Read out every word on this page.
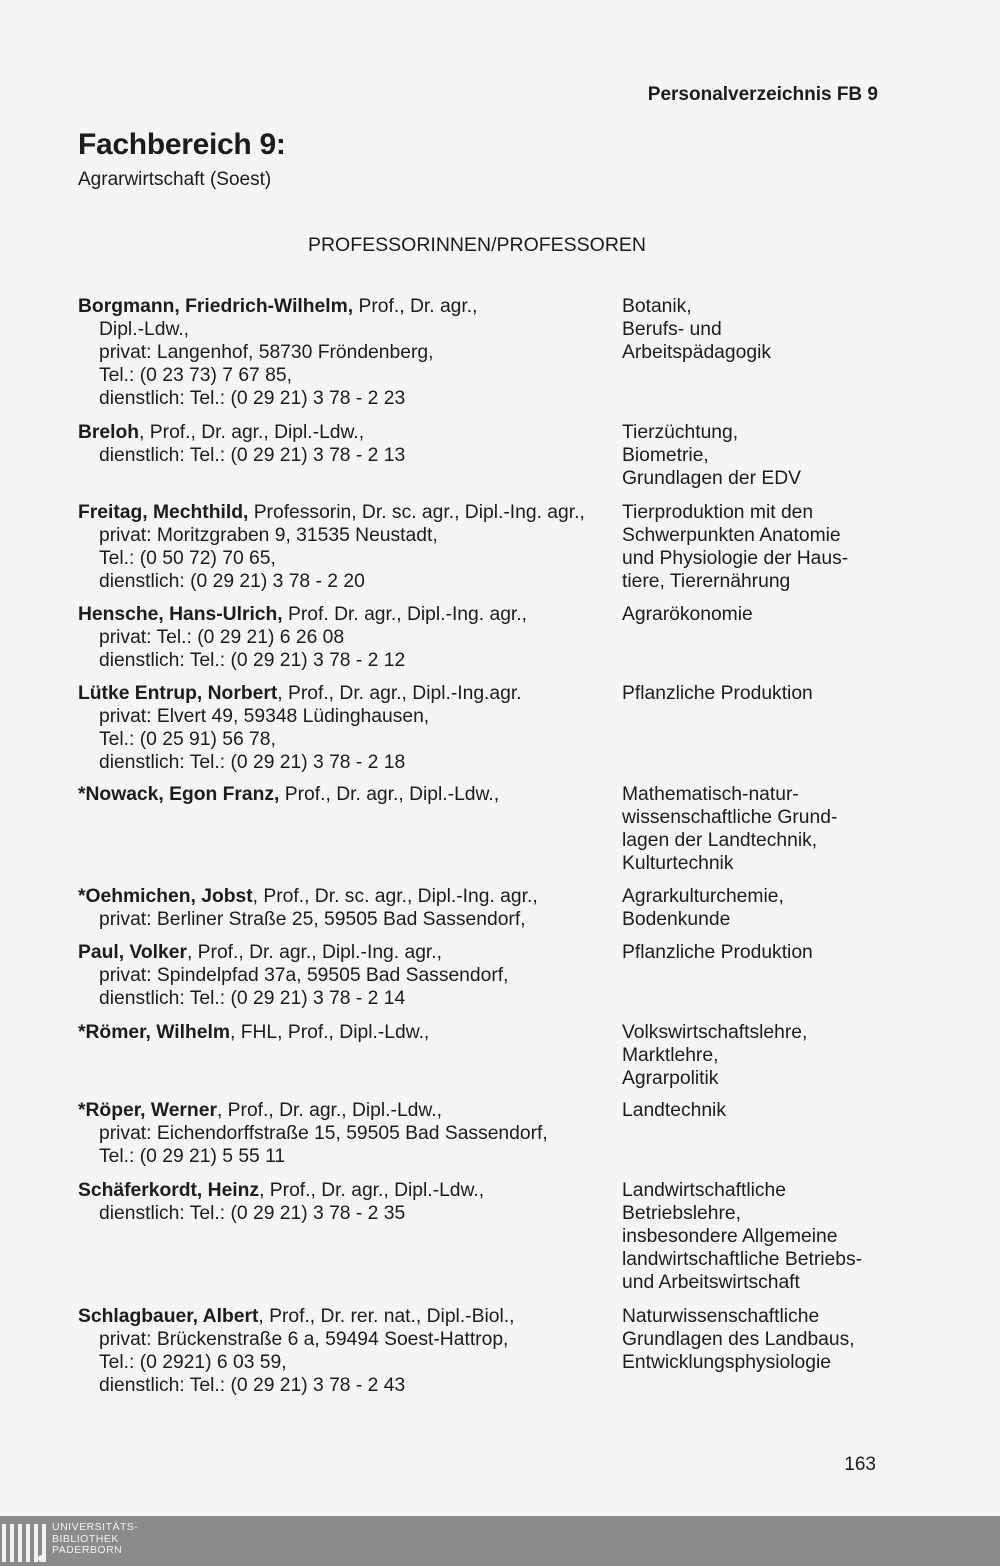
Personalverzeichnis FB 9
Fachbereich 9:
Agrarwirtschaft (Soest)
PROFESSORINNEN/PROFESSOREN
Borgmann, Friedrich-Wilhelm, Prof., Dr. agr.,
Dipl.-Ldw.,
privat: Langenhof, 58730 Fröndenberg,
Tel.: (0 23 73) 7 67 85,
dienstlich: Tel.: (0 29 21) 3 78 - 2 23
Botanik,
Berufs- und
Arbeitspädagogik
Breloh, Prof., Dr. agr., Dipl.-Ldw.,
dienstlich: Tel.: (0 29 21) 3 78 - 2 13
Tierzüchtung,
Biometrie,
Grundlagen der EDV
Freitag, Mechthild, Professorin, Dr. sc. agr., Dipl.-Ing. agr.,
privat: Moritzgraben 9, 31535 Neustadt,
Tel.: (0 50 72) 70 65,
dienstlich: (0 29 21) 3 78 - 2 20
Tierproduktion mit den
Schwerpunkten Anatomie
und Physiologie der Haus-
tiere, Tierernährung
Hensche, Hans-Ulrich, Prof. Dr. agr., Dipl.-Ing. agr.,
privat: Tel.: (0 29 21) 6 26 08
dienstlich: Tel.: (0 29 21) 3 78 - 2 12
Agrarökonomie
Lütke Entrup, Norbert, Prof., Dr. agr., Dipl.-Ing.agr.
privat: Elvert 49, 59348 Lüdinghausen,
Tel.: (0 25 91) 56 78,
dienstlich: Tel.: (0 29 21) 3 78 - 2 18
Pflanzliche Produktion
*Nowack, Egon Franz, Prof., Dr. agr., Dipl.-Ldw.,	Mathematisch-natur-
wissenschaftliche Grund-
lagen der Landtechnik,
Kulturtechnik
*Oehmichen, Jobst, Prof., Dr. sc. agr., Dipl.-Ing. agr.,
privat: Berliner Straße 25, 59505 Bad Sassendorf,
Agrarkulturchemie,
Bodenkunde
Paul, Volker, Prof., Dr. agr., Dipl.-Ing. agr.,
privat: Spindelpfad 37a, 59505 Bad Sassendorf,
dienstlich: Tel.: (0 29 21) 3 78 - 2 14
Pflanzliche Produktion
*Römer, Wilhelm, FHL, Prof., Dipl.-Ldw.,	Volkswirtschaftslehre,
Marktlehre,
Agrarpolitik
*Röper, Werner, Prof., Dr. agr., Dipl.-Ldw.,
privat: Eichendorffstraße 15, 59505 Bad Sassendorf,
Tel.: (0 29 21) 5 55 11
Landtechnik
Schäferkordt, Heinz, Prof., Dr. agr., Dipl.-Ldw.,
dienstlich: Tel.: (0 29 21) 3 78 - 2 35
Landwirtschaftliche
Betriebslehre,
insbesondere Allgemeine
landwirtschaftliche Betriebs-
und Arbeitswirtschaft
Schlagbauer, Albert, Prof., Dr. rer. nat., Dipl.-Biol.,
privat: Brückenstraße 6 a, 59494 Soest-Hattrop,
Tel.: (0 2921) 6 03 59,
dienstlich: Tel.: (0 29 21) 3 78 - 2 43
Naturwissenschaftliche
Grundlagen des Landbaus,
Entwicklungsphysiologie
163
UNIVERSITÄTS-
BIBLIOTHEK
PADERBORN
